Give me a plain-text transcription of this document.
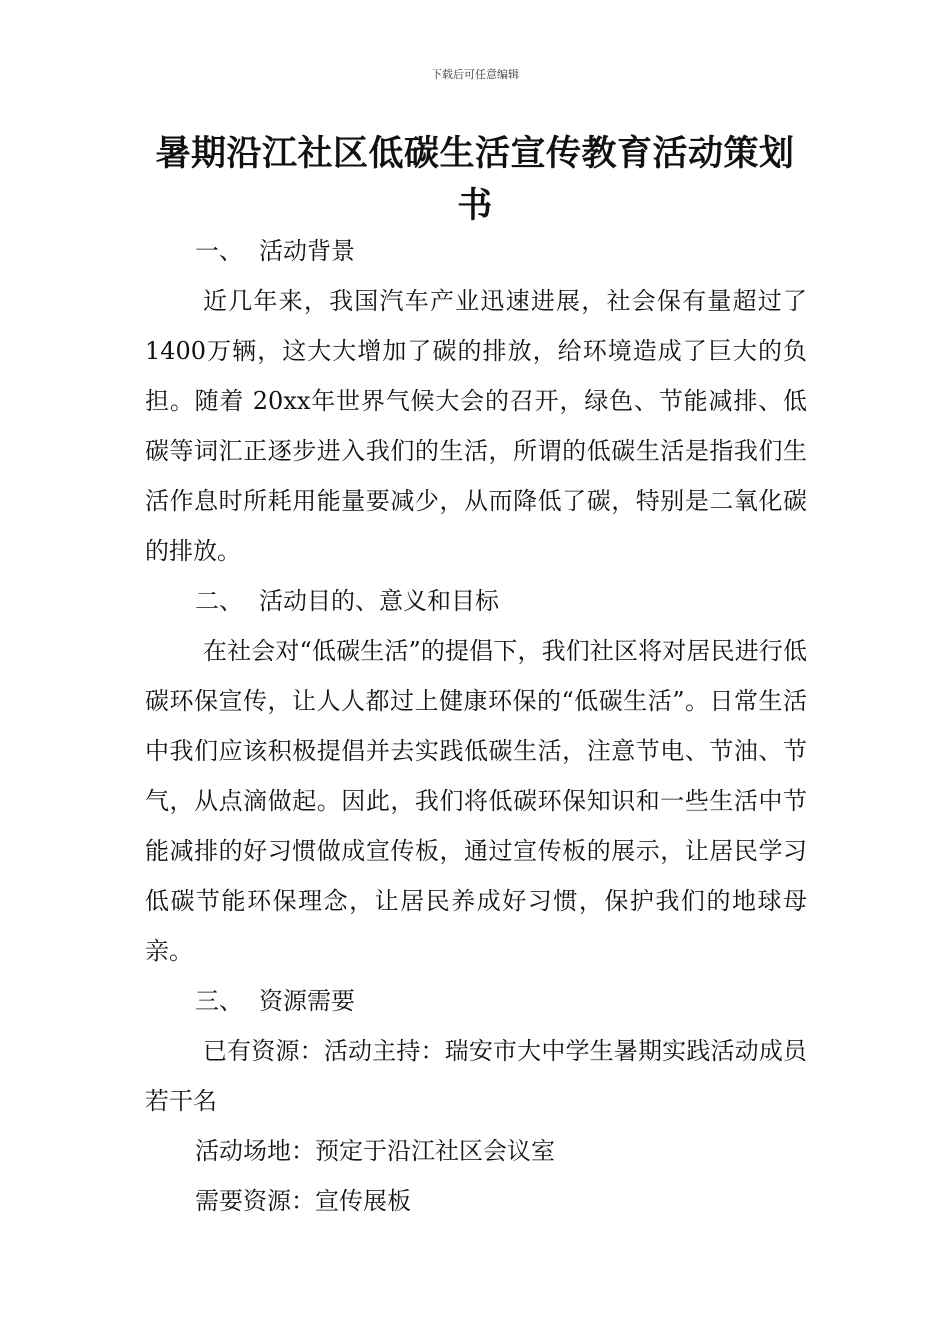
下载后可任意编辑
暑期沿江社区低碳生活宣传教育活动策划书
一、 活动背景

近几年来，我国汽车产业迅速进展，社会保有量超过了1400万辆，这大大增加了碳的排放，给环境造成了巨大的负担。随着 20xx年世界气候大会的召开，绿色、节能减排、低碳等词汇正逐步进入我们的生活，所谓的低碳生活是指我们生活作息时所耗用能量要减少，从而降低了碳，特别是二氧化碳的排放。

二、 活动目的、意义和目标

在社会对“低碳生活”的提倡下，我们社区将对居民进行低碳环保宣传，让人人都过上健康环保的“低碳生活”。日常生活中我们应该积极提倡并去实践低碳生活，注意节电、节油、节气，从点滴做起。因此，我们将低碳环保知识和一些生活中节能减排的好习惯做成宣传板，通过宣传板的展示，让居民学习低碳节能环保理念，让居民养成好习惯，保护我们的地球母亲。

三、 资源需要

已有资源：活动主持：瑞安市大中学生暑期实践活动成员若干名

活动场地：预定于沿江社区会议室

需要资源：宣传展板
